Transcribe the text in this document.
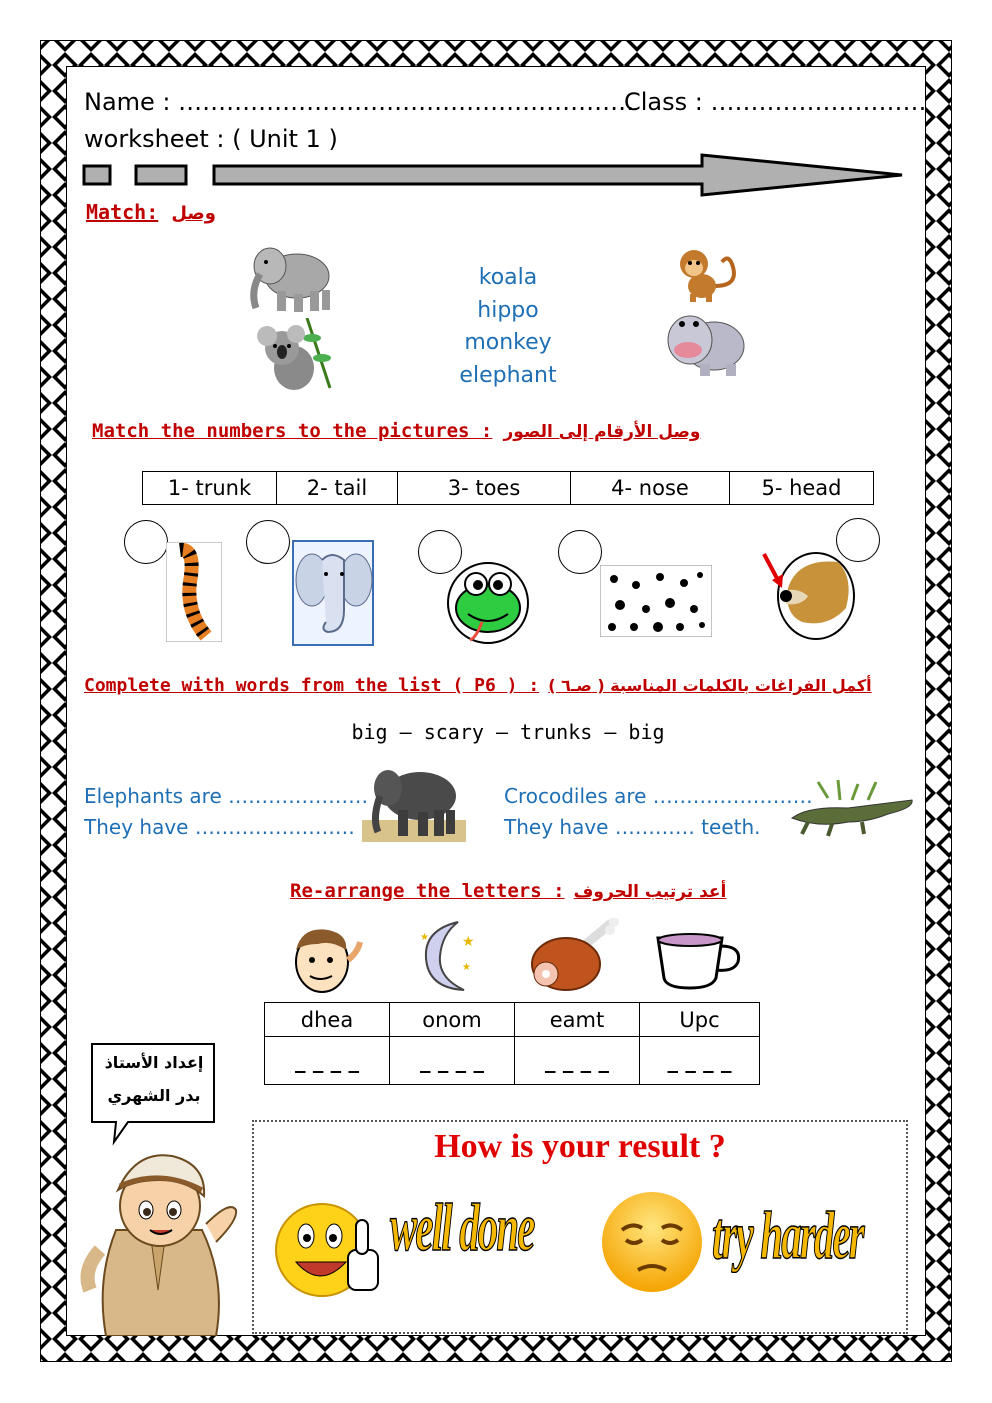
Name : …………………………………………………
Class : ………………………
worksheet : ( Unit 1 )
Match: وصل
koala
hippo
monkey
elephant
Match the numbers to the pictures : وصل الأرقام إلى الصور
1- trunk	2- tail	3- toes	4- nose	5- head
Complete with words from the list ( P6 ) : ( صـ٦ ) أكمل الفراغات بالكلمات المناسبة
big – scary – trunks – big
Elephants are …………………
They have ……………………
Crocodiles are ……………………
They have ………… teeth.
Re-arrange the letters : أعد ترتيب الحروف
★
★
★
dhea	onom	eamt	Upc
_ _ _ _	_ _ _ _	_ _ _ _	_ _ _ _
إعداد الأستاذ
بدر الشهري
How is your result ?
well done	try harder
